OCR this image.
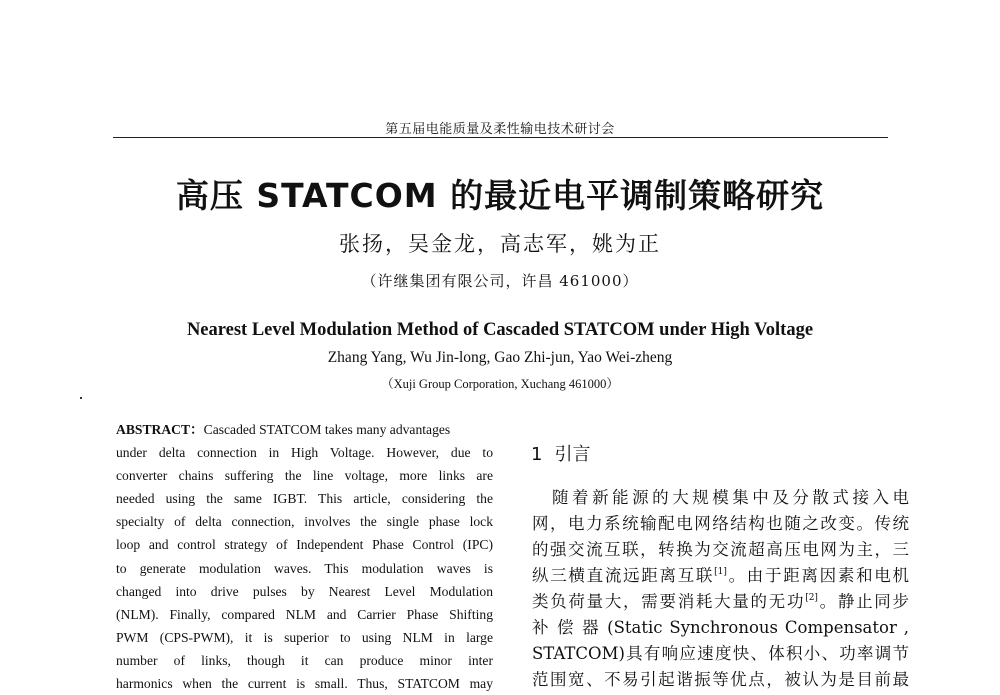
第五届电能质量及柔性输电技术研讨会
高压 STATCOM 的最近电平调制策略研究
张扬，吴金龙，高志军，姚为正
（许继集团有限公司，许昌 461000）
Nearest Level Modulation Method of Cascaded STATCOM under High Voltage
Zhang Yang, Wu Jin-long, Gao Zhi-jun, Yao Wei-zheng
（Xuji Group Corporation, Xuchang 461000）
ABSTRACT：Cascaded STATCOM takes many advantages
under delta connection in High Voltage. However, due to
converter chains suffering the line voltage, more links are
needed using the same IGBT. This article, considering the
specialty of delta connection, involves the single phase lock
loop and control strategy of Independent Phase Control (IPC)
to generate modulation waves. This modulation waves is
changed into drive pulses by Nearest Level Modulation
(NLM). Finally, compared NLM and Carrier Phase Shifting
PWM (CPS-PWM), it is superior to using NLM in large
number of links, though it can produce minor inter
harmonics when the current is small. Thus, STATCOM may
1 引言
　随着新能源的大规模集中及分散式接入电
网，电力系统输配电网络结构也随之改变。传统
的强交流互联，转换为交流超高压电网为主，三
纵三横直流远距离互联[1]。由于距离因素和电机
类负荷量大，需要消耗大量的无功[2]。静止同步
补 偿 器 (Static Synchronous Compensator ,
STATCOM)具有响应速度快、体积小、功率调节
范围宽、不易引起谐振等优点，被认为是目前最
